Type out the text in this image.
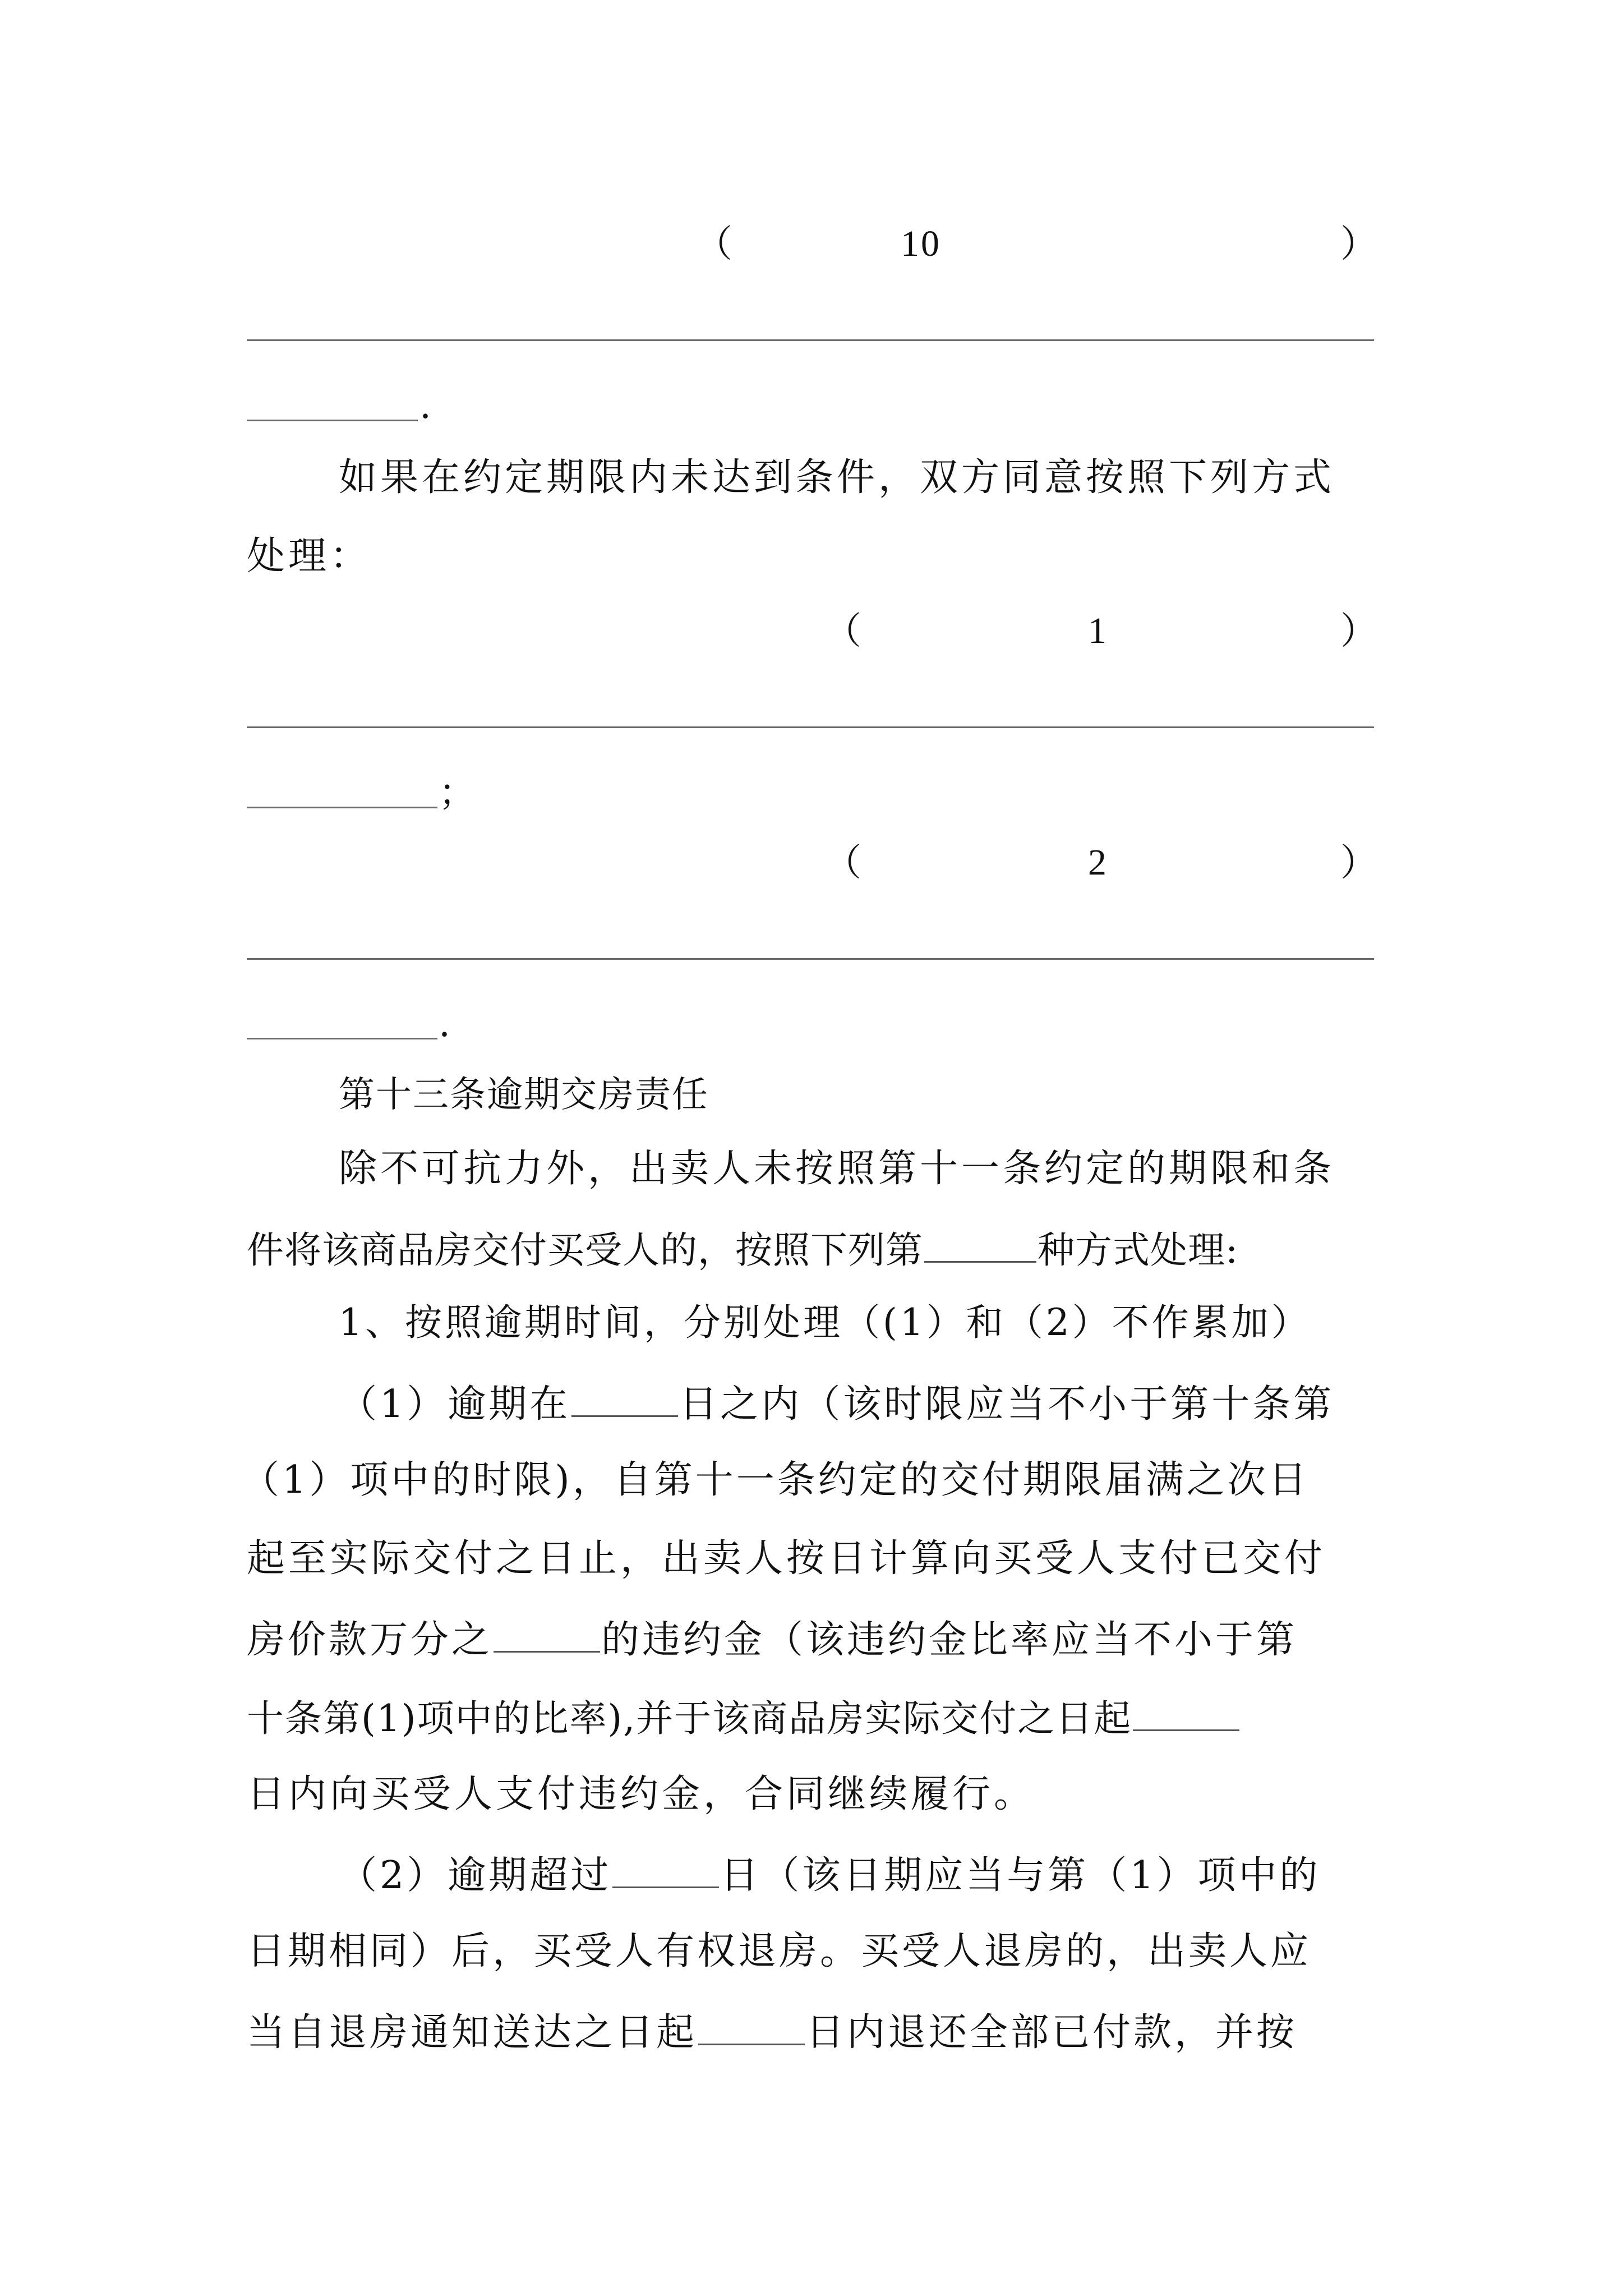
（	10	）
.
如果在约定期限内未达到条件，双方同意按照下列方式
处理：
（	1	）
；
（	2	）
.
第十三条逾期交房责任
除不可抗力外，出卖人未按照第十一条约定的期限和条
件将该商品房交付买受人的，按照下列第	种方式处理:
1、按照逾期时间，分别处理（(1）和（2）不作累加）
（1）逾期在	日之内（该时限应当不小于第十条第
（1）项中的时限)，自第十一条约定的交付期限届满之次日
起至实际交付之日止，出卖人按日计算向买受人支付已交付
房价款万分之	的违约金（该违约金比率应当不小于第
十条第(1)项中的比率),并于该商品房实际交付之日起
日内向买受人支付违约金，合同继续履行。
（2）逾期超过	日（该日期应当与第（1）项中的
日期相同）后，买受人有权退房。买受人退房的，出卖人应
当自退房通知送达之日起	日内退还全部已付款，并按
